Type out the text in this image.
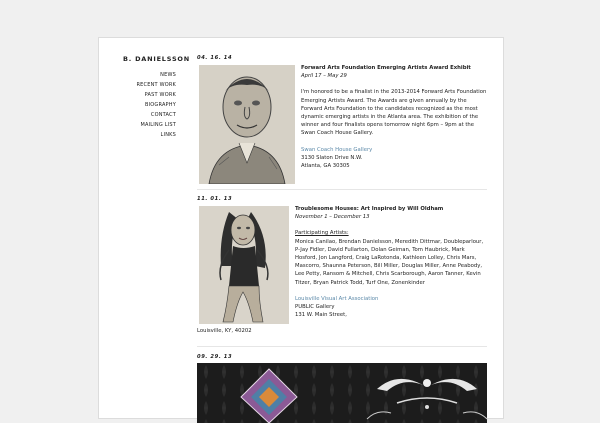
B. DANIELSSON
NEWS
RECENT WORK
PAST WORK
BIOGRAPHY
CONTACT
MAILING LIST
LINKS
04. 16. 14

Forward Arts Foundation Emerging Artists Award Exhibit

April 17 – May 29

I'm honored to be a finalist in the 2013-2014 Forward Arts Foundation Emerging Artists Award. The Awards are given annually by the Forward Arts Foundation to the candidates recognized as the most dynamic emerging artists in the Atlanta area. The exhibition of the winner and four finalists opens tomorrow night 6pm – 9pm at the Swan Coach House Gallery.

Swan Coach House Gallery

3130 Slaton Drive N.W.

Atlanta, GA 30305

11. 01. 13

Troublesome Houses: Art Inspired by Will Oldham

November 1 – December 13

Participating Artists:

Monica Canilao, Brendan Danielsson, Meredith Dittmar, Doubleparlour, P-Jay Fidler, David Fullarton, Dolan Geiman, Tom Haubrick, Mark Hosford, Jon Langford, Craig LaRotonda, Kathleen Lolley, Chris Mars, Mascorro, Shaunna Peterson, Bill Miller, Douglas Miller, Anne Peabody, Lee Petty, Ransom & Mitchell, Chris Scarborough, Aaron Tanner, Kevin Titzer, Bryan Patrick Todd, Turf One, Zonenkinder

Louisville Visual Art Association

PUBLIC Gallery

131 W. Main Street,

Louisville, KY, 40202

09. 29. 13
